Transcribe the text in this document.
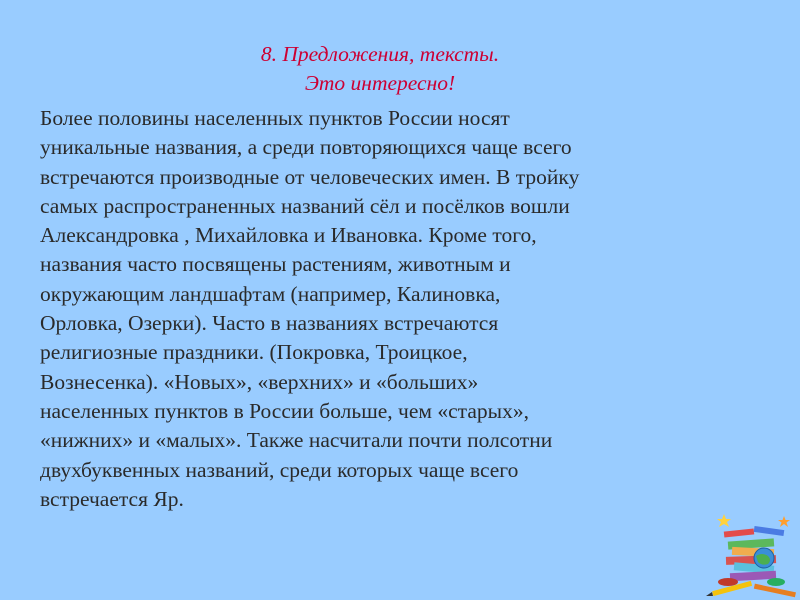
8. Предложения, тексты.
Это интересно!
Более половины населенных пунктов России носят
уникальные названия, а среди повторяющихся чаще всего
встречаются производные от человеческих имен. В тройку
самых распространенных названий сёл и посёлков вошли
Александровка , Михайловка и Ивановка. Кроме того,
названия часто посвящены растениям, животным и
окружающим ландшафтам (например, Калиновка,
Орловка, Озерки). Часто в названиях встречаются
религиозные праздники. (Покровка, Троицкое,
Вознесенка). «Новых», «верхних» и «больших»
населенных пунктов в России больше, чем «старых»,
«нижних» и «малых». Также насчитали почти полсотни
двухбуквенных названий, среди которых чаще всего
встречается Яр.
